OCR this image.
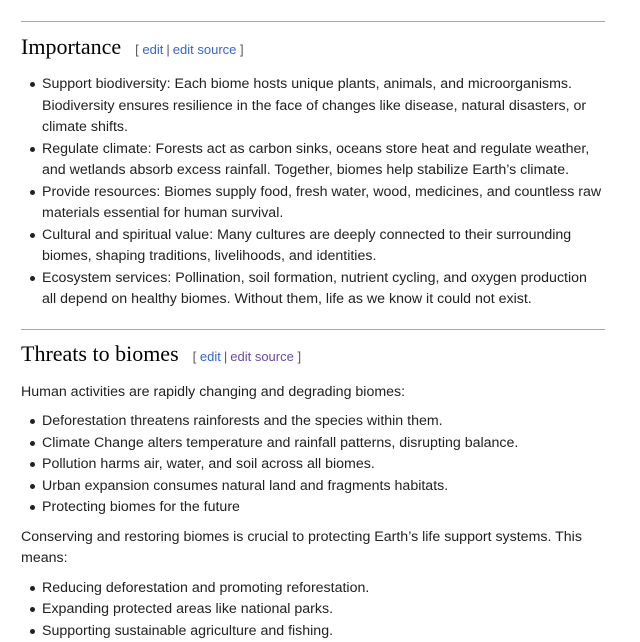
Importance [ edit | edit source ]
Support biodiversity: Each biome hosts unique plants, animals, and microorganisms. Biodiversity ensures resilience in the face of changes like disease, natural disasters, or climate shifts.
Regulate climate: Forests act as carbon sinks, oceans store heat and regulate weather, and wetlands absorb excess rainfall. Together, biomes help stabilize Earth’s climate.
Provide resources: Biomes supply food, fresh water, wood, medicines, and countless raw materials essential for human survival.
Cultural and spiritual value: Many cultures are deeply connected to their surrounding biomes, shaping traditions, livelihoods, and identities.
Ecosystem services: Pollination, soil formation, nutrient cycling, and oxygen production all depend on healthy biomes. Without them, life as we know it could not exist.
Threats to biomes [ edit | edit source ]

Human activities are rapidly changing and degrading biomes:

Deforestation threatens rainforests and the species within them.
Climate Change alters temperature and rainfall patterns, disrupting balance.
Pollution harms air, water, and soil across all biomes.
Urban expansion consumes natural land and fragments habitats.
Protecting biomes for the future

Conserving and restoring biomes is crucial to protecting Earth’s life support systems. This means:

Reducing deforestation and promoting reforestation.
Expanding protected areas like national parks.
Supporting sustainable agriculture and fishing.
